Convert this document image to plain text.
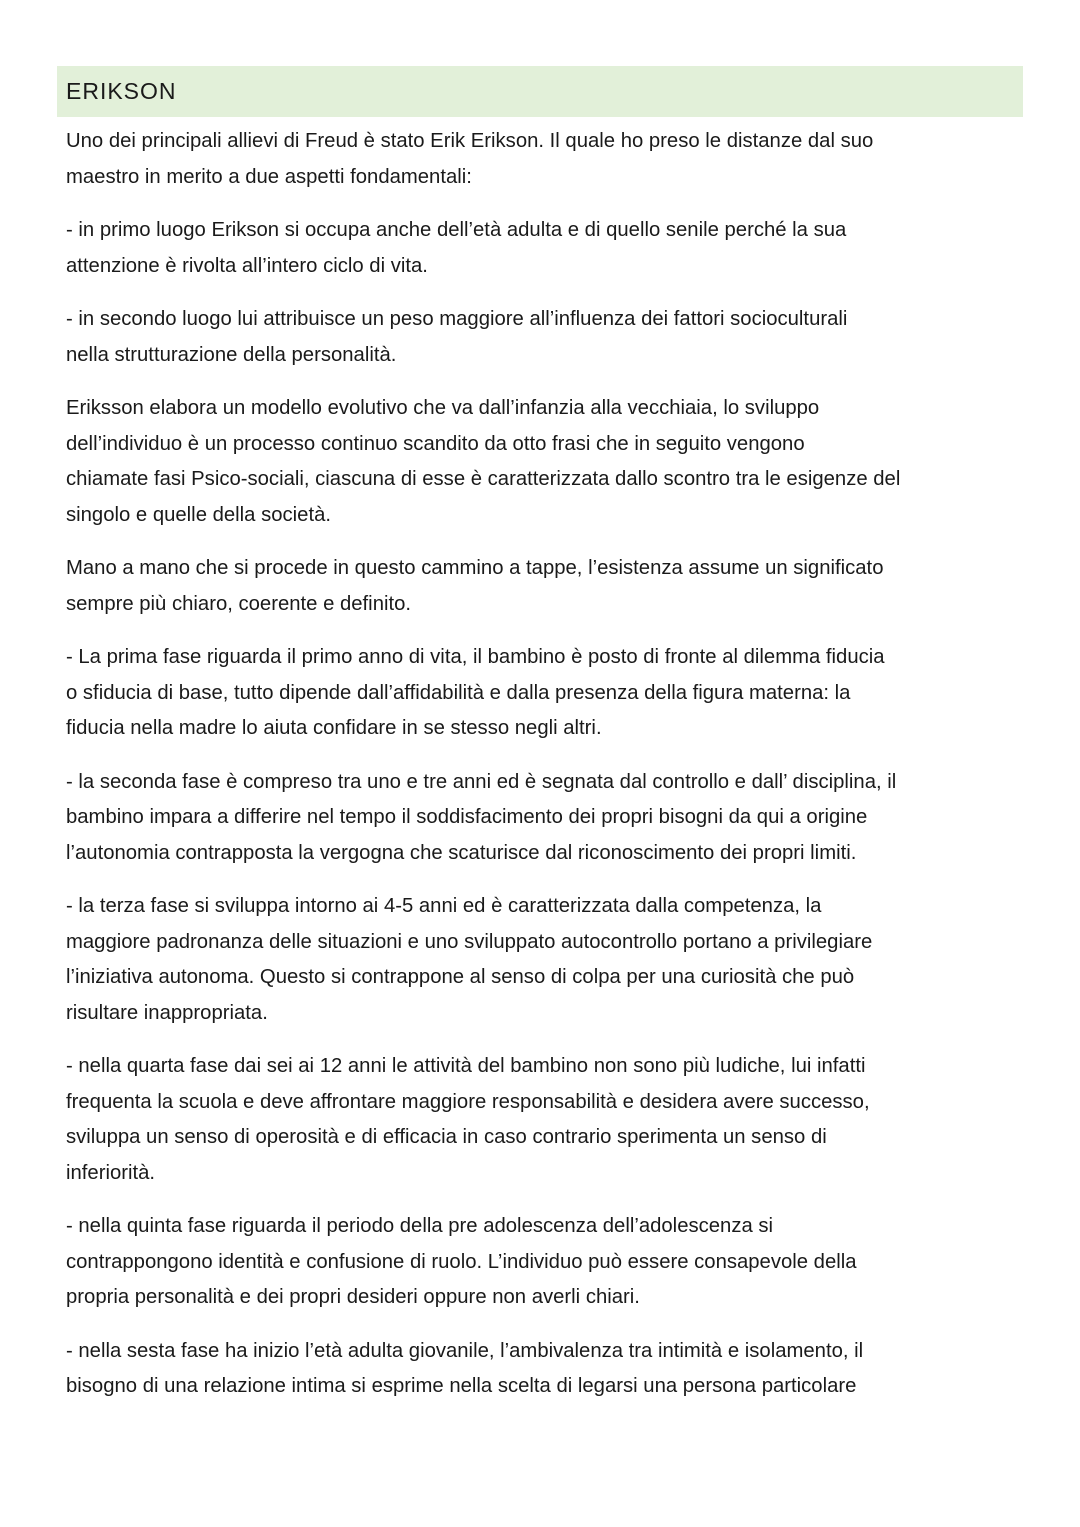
ERIKSON

Uno dei principali allievi di Freud è stato Erik Erikson. Il quale ho preso le distanze dal suo
maestro in merito a due aspetti fondamentali:

- in primo luogo Erikson si occupa anche dell’età adulta e di quello senile perché la sua
attenzione è rivolta all’intero ciclo di vita.

- in secondo luogo lui attribuisce un peso maggiore all’influenza dei fattori socioculturali
nella strutturazione della personalità.

Eriksson elabora un modello evolutivo che va dall’infanzia alla vecchiaia, lo sviluppo
dell’individuo è un processo continuo scandito da otto frasi che in seguito vengono
chiamate fasi Psico-sociali, ciascuna di esse è caratterizzata dallo scontro tra le esigenze del
singolo e quelle della società.

Mano a mano che si procede in questo cammino a tappe, l’esistenza assume un significato
sempre più chiaro, coerente e definito.

- La prima fase riguarda il primo anno di vita, il bambino è posto di fronte al dilemma fiducia
o sfiducia di base, tutto dipende dall’affidabilità e dalla presenza della figura materna: la
fiducia nella madre lo aiuta confidare in se stesso negli altri.

- la seconda fase è compreso tra uno e tre anni ed è segnata dal controllo e dall’ disciplina, il
bambino impara a differire nel tempo il soddisfacimento dei propri bisogni da qui a origine
l’autonomia contrapposta la vergogna che scaturisce dal riconoscimento dei propri limiti.

- la terza fase si sviluppa intorno ai 4-5 anni ed è caratterizzata dalla competenza, la
maggiore padronanza delle situazioni e uno sviluppato autocontrollo portano a privilegiare
l’iniziativa autonoma. Questo si contrappone al senso di colpa per una curiosità che può
risultare inappropriata.

- nella quarta fase dai sei ai 12 anni le attività del bambino non sono più ludiche, lui infatti
frequenta la scuola e deve affrontare maggiore responsabilità e desidera avere successo,
sviluppa un senso di operosità e di efficacia in caso contrario sperimenta un senso di
inferiorità.

- nella quinta fase riguarda il periodo della pre adolescenza dell’adolescenza si
contrappongono identità e confusione di ruolo. L’individuo può essere consapevole della
propria personalità e dei propri desideri oppure non averli chiari.

- nella sesta fase ha inizio l’età adulta giovanile, l’ambivalenza tra intimità e isolamento, il
bisogno di una relazione intima si esprime nella scelta di legarsi una persona particolare
